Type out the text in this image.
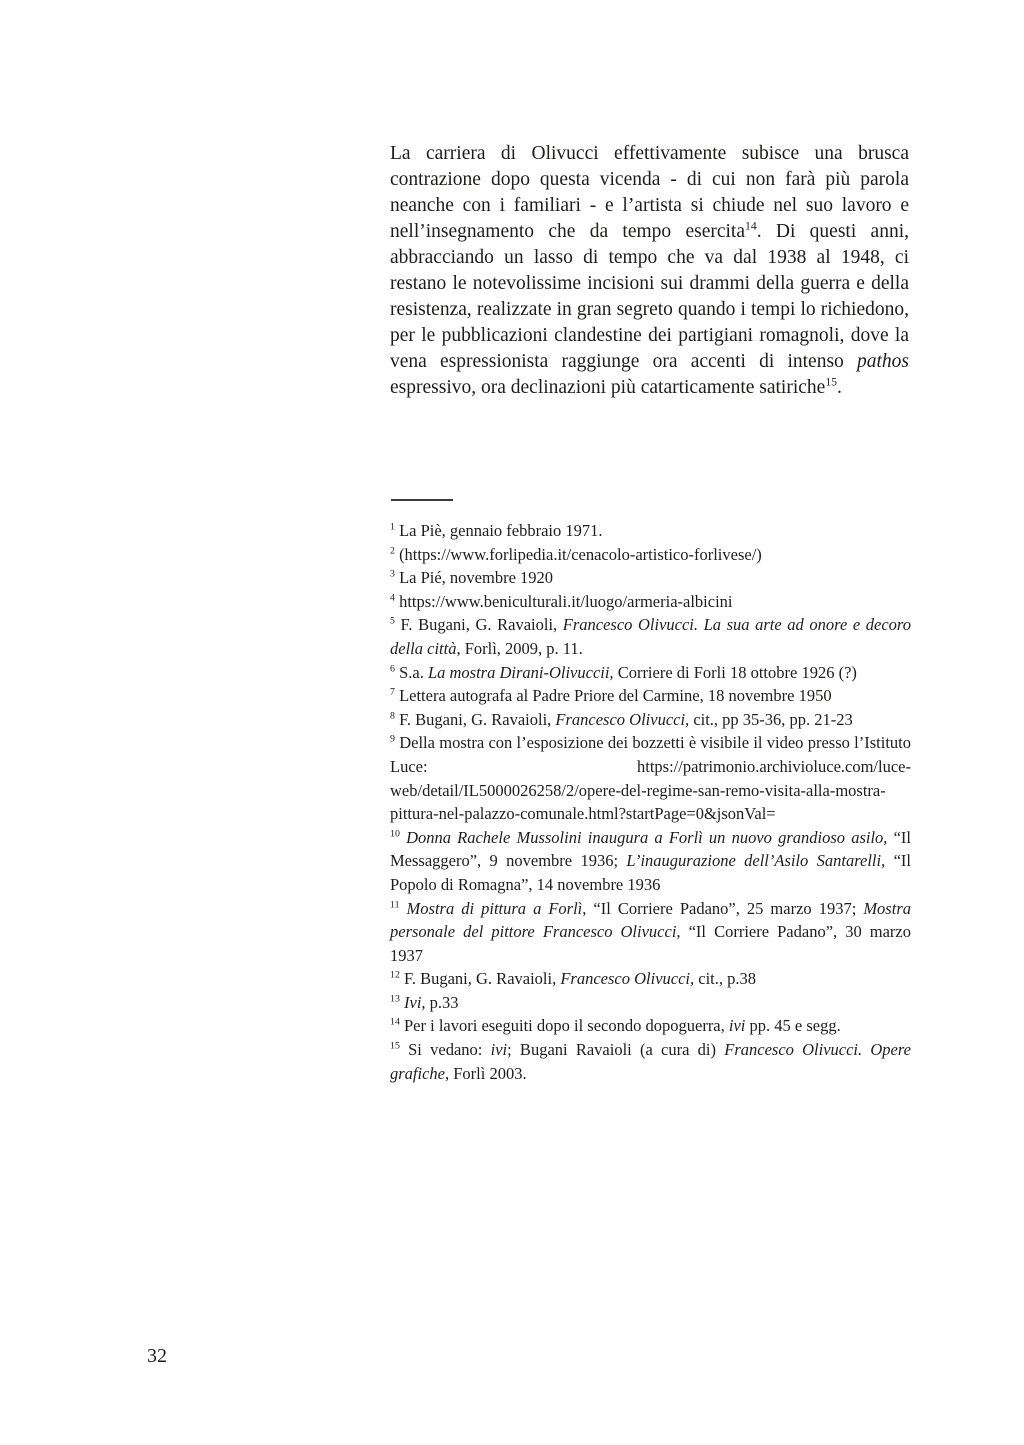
La carriera di Olivucci effettivamente subisce una brusca contrazione dopo questa vicenda - di cui non farà più parola neanche con i familiari - e l’artista si chiude nel suo lavoro e nell’insegnamento che da tempo esercita$^{14}$. Di questi anni, abbracciando un lasso di tempo che va dal 1938 al 1948, ci restano le notevolissime incisioni sui drammi della guerra e della resistenza, realizzate in gran segreto quando i tempi lo richiedono, per le pubblicazioni clandestine dei partigiani romagnoli, dove la vena espressionista raggiunge ora accenti di intenso pathos espressivo, ora declinazioni più catarticamente satiriche$^{15}$.

$^1$ La Piè, gennaio febbraio 1971.

$^2$ (https://www.forlipedia.it/cenacolo-artistico-forlivese/)

$^3$ La Pié, novembre 1920

$^4$ https://www.beniculturali.it/luogo/armeria-albicini

$^5$ F. Bugani, G. Ravaioli, Francesco Olivucci. La sua arte ad onore e decoro della città, Forlì, 2009, p. 11.

$^6$ S.a. La mostra Dirani-Olivuccii, Corriere di Forli 18 ottobre 1926 (?)

$^7$ Lettera autografa al Padre Priore del Carmine, 18 novembre 1950

$^8$ F. Bugani, G. Ravaioli, Francesco Olivucci, cit., pp 35-36, pp. 21-23

$^9$ Della mostra con l’esposizione dei bozzetti è visibile il video presso l’Istituto Luce: https://patrimonio.archivioluce.com/luce-web/detail/IL5000026258/2/opere-del-regime-san-remo-visita-alla-mostra-pittura-nel-palazzo-comunale.html?startPage=0&jsonVal=

$^{10}$ Donna Rachele Mussolini inaugura a Forlì un nuovo grandioso asilo, “Il Messaggero”, 9 novembre 1936; L’inaugurazione dell’Asilo Santarelli, “Il Popolo di Romagna”, 14 novembre 1936

$^{11}$ Mostra di pittura a Forlì, “Il Corriere Padano”, 25 marzo 1937; Mostra personale del pittore Francesco Olivucci, “Il Corriere Padano”, 30 marzo 1937

$^{12}$ F. Bugani, G. Ravaioli, Francesco Olivucci, cit., p.38

$^{13}$ Ivi, p.33

$^{14}$ Per i lavori eseguiti dopo il secondo dopoguerra, ivi pp. 45 e segg.

$^{15}$ Si vedano: ivi; Bugani Ravaioli (a cura di) Francesco Olivucci. Opere grafiche, Forlì 2003.

32
